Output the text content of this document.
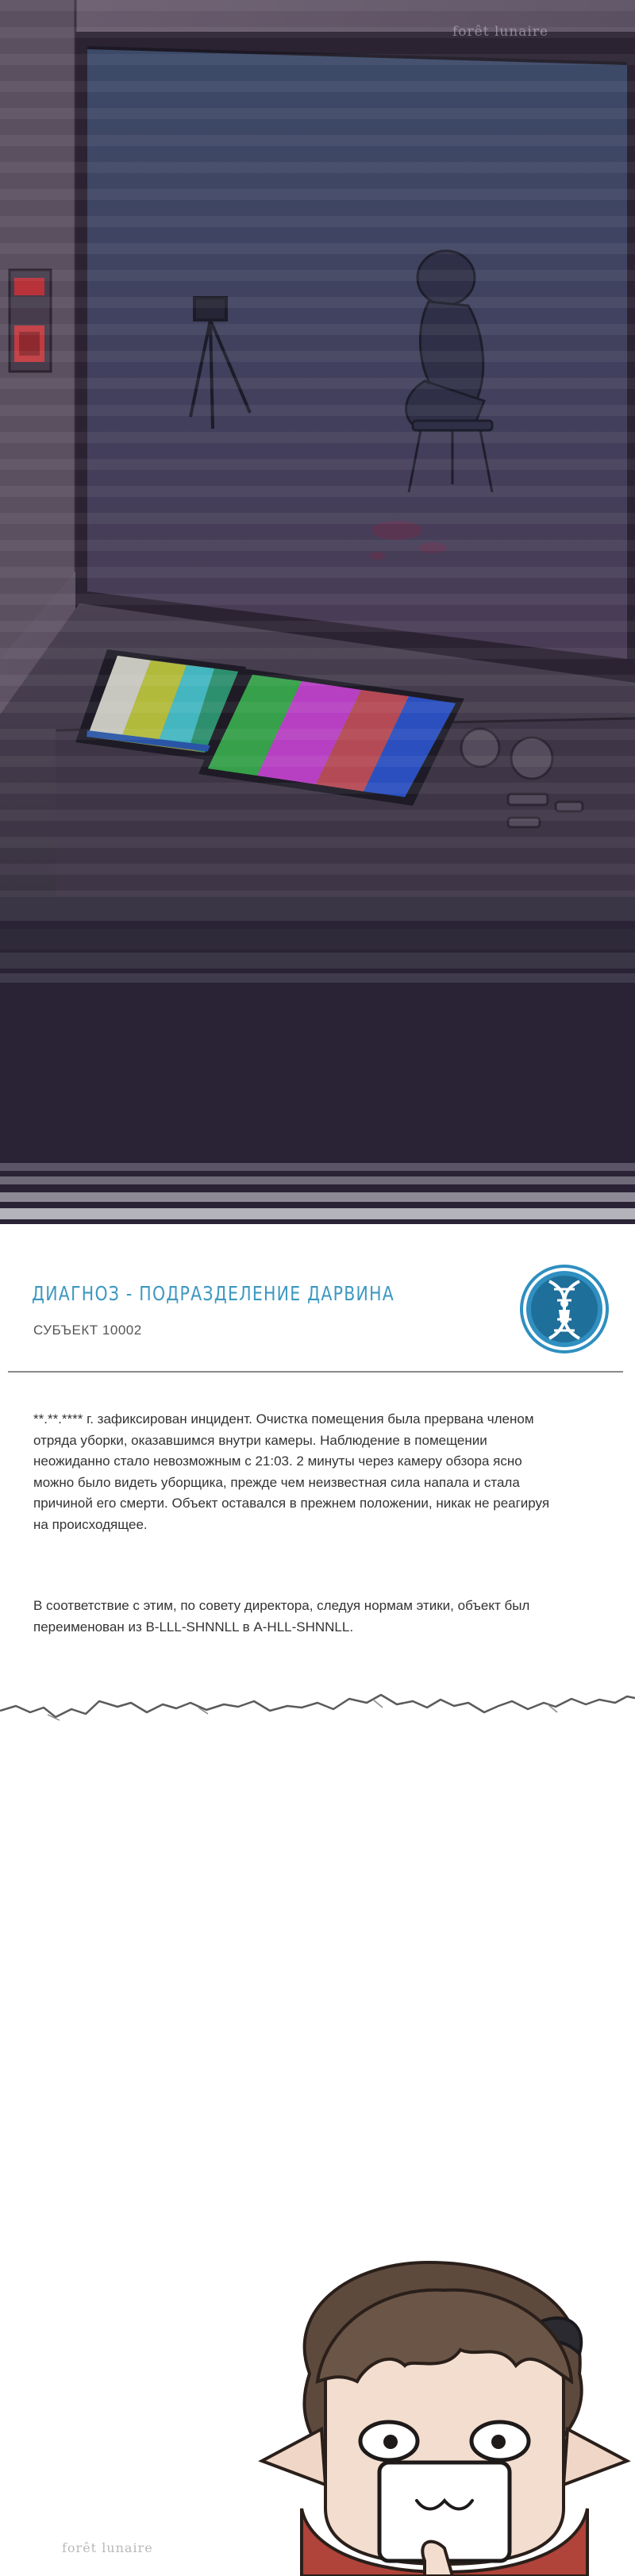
forêt lunaire
ДИАГНОЗ - ПОДРАЗДЕЛЕНИЕ ДАРВИНА
СУБЪЕКТ 10002

**.**.**** г. зафиксирован инцидент. Очистка помещения была прервана членом отряда уборки, оказавшимся внутри камеры. Наблюдение в помещении неожиданно стало невозможным с 21:03. 2 минуты через камеру обзора ясно можно было видеть уборщика, прежде чем неизвестная сила напала и стала причиной его смерти. Объект оставался в прежнем положении, никак не реагируя на происходящее.

В соответствие с этим, по совету директора, следуя нормам этики, объект был переименован из B-LLL-SHNNLL в A-HLL-SHNNLL.

forêt lunaire
